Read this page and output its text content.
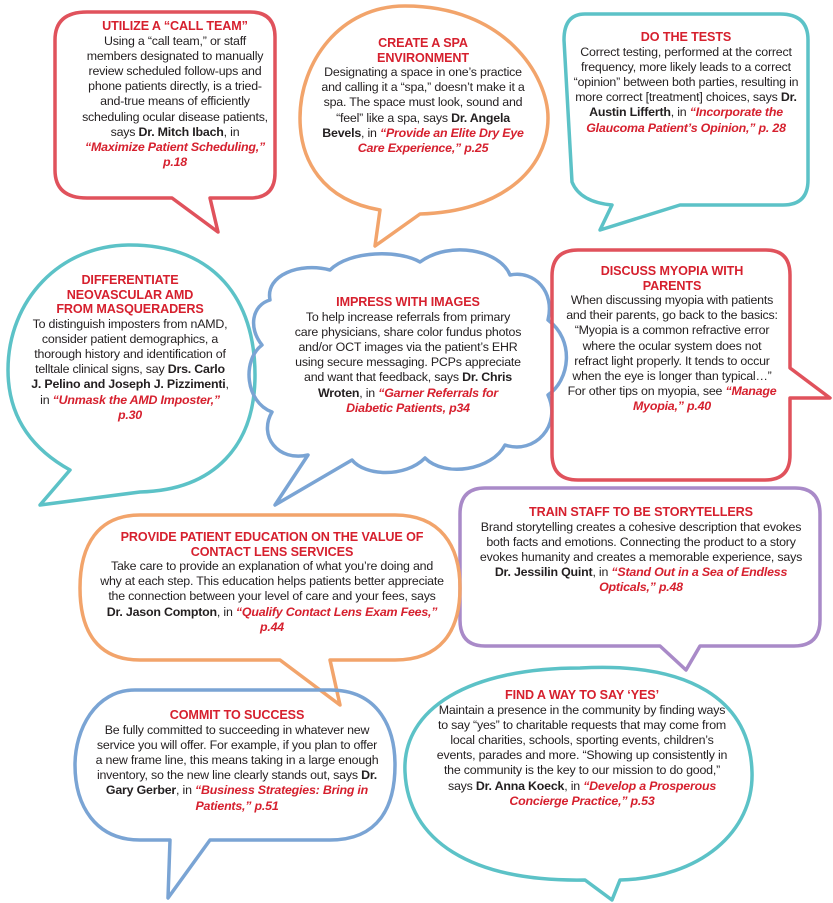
UTILIZE A “CALL TEAM”
Using a “call team,” or staff members designated to manually review scheduled follow-ups and phone patients directly, is a tried-and-true means of efficiently scheduling ocular disease patients, says Dr. Mitch Ibach, in “Maximize Patient Scheduling,” p.18
CREATE A SPA ENVIRONMENT
Designating a space in one’s practice and calling it a “spa,” doesn’t make it a spa. The space must look, sound and “feel” like a spa, says Dr. Angela Bevels, in “Provide an Elite Dry Eye Care Experience,” p.25
DO THE TESTS
Correct testing, performed at the correct frequency, more likely leads to a correct “opinion” between both parties, resulting in more correct [treatment] choices, says Dr. Austin Lifferth, in “Incorporate the Glaucoma Patient’s Opinion,” p. 28
DIFFERENTIATE NEOVASCULAR AMD FROM MASQUERADERS
To distinguish imposters from nAMD, consider patient demographics, a thorough history and identification of telltale clinical signs, say Drs. Carlo J. Pelino and Joseph J. Pizzimenti, in “Unmask the AMD Imposter,” p.30
IMPRESS WITH IMAGES
To help increase referrals from primary care physicians, share color fundus photos and/or OCT images via the patient’s EHR using secure messaging. PCPs appreciate and want that feedback, says Dr. Chris Wroten, in “Garner Referrals for Diabetic Patients, p34
DISCUSS MYOPIA WITH PARENTS
When discussing myopia with patients and their parents, go back to the basics: “Myopia is a common refractive error where the ocular system does not refract light properly. It tends to occur when the eye is longer than typical…” For other tips on myopia, see “Manage Myopia,” p.40
TRAIN STAFF TO BE STORYTELLERS
Brand storytelling creates a cohesive description that evokes both facts and emotions. Connecting the product to a story evokes humanity and creates a memorable experience, says Dr. Jessilin Quint, in “Stand Out in a Sea of Endless Opticals,” p.48
PROVIDE PATIENT EDUCATION ON THE VALUE OF CONTACT LENS SERVICES
Take care to provide an explanation of what you’re doing and why at each step. This education helps patients better appreciate the connection between your level of care and your fees, says Dr. Jason Compton, in “Qualify Contact Lens Exam Fees,” p.44
COMMIT TO SUCCESS
Be fully committed to succeeding in whatever new service you will offer. For example, if you plan to offer a new frame line, this means taking in a large enough inventory, so the new line clearly stands out, says Dr. Gary Gerber, in “Business Strategies: Bring in Patients,” p.51
FIND A WAY TO SAY ‘YES’
Maintain a presence in the community by finding ways to say “yes” to charitable requests that may come from local charities, schools, sporting events, children’s events, parades and more. “Showing up consistently in the community is the key to our mission to do good,” says Dr. Anna Koeck, in “Develop a Prosperous Concierge Practice,” p.53
